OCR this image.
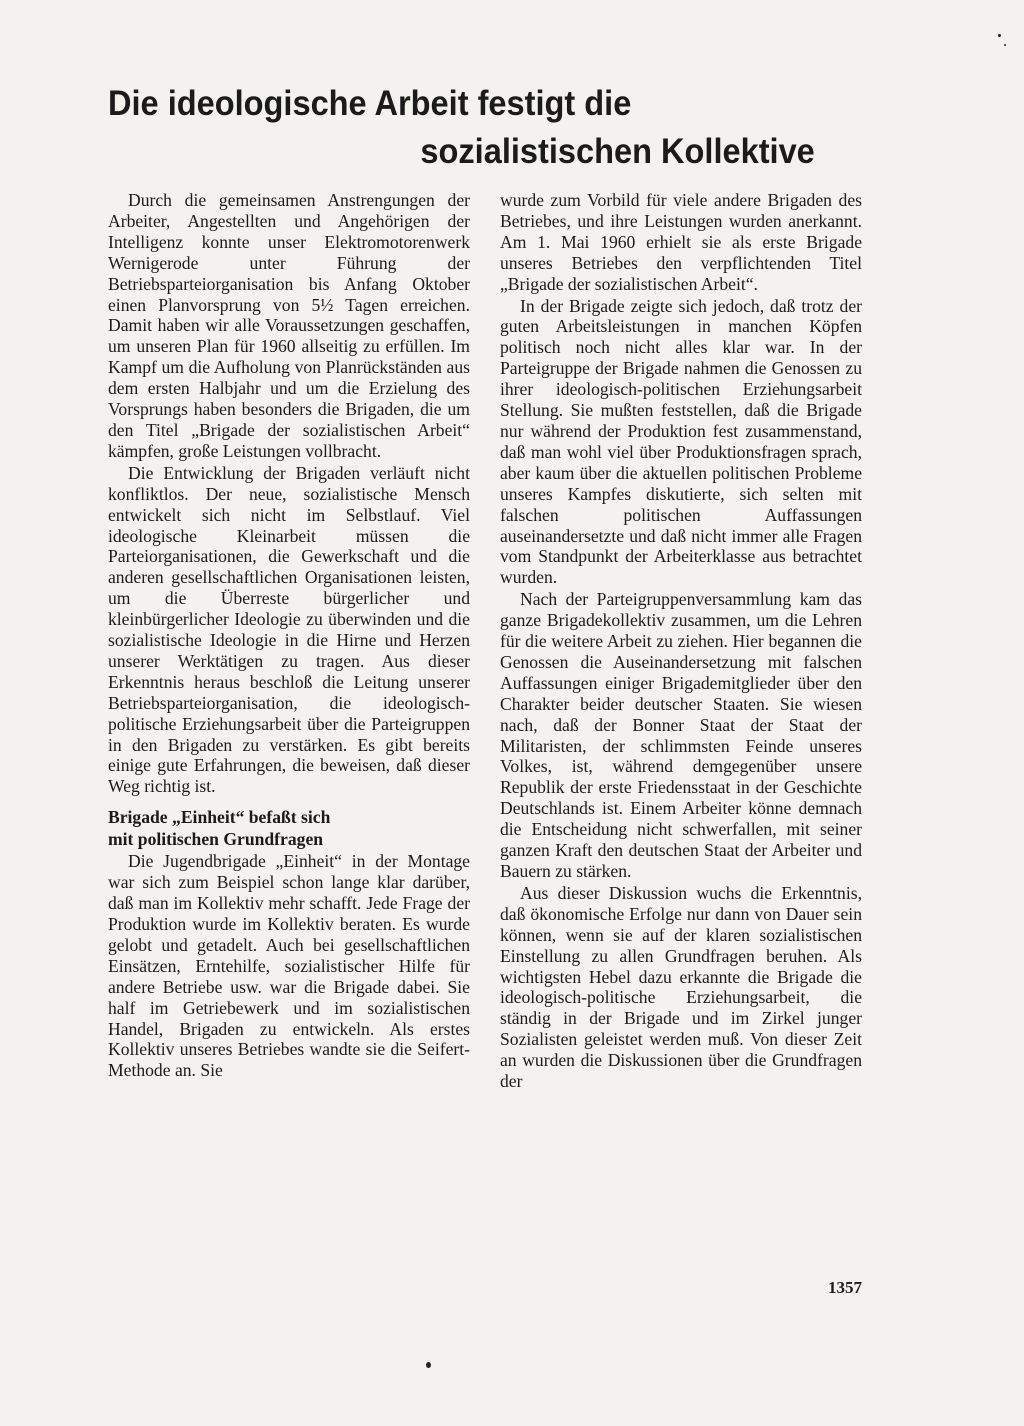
Die ideologische Arbeit festigt die
sozialistischen Kollektive

Durch die gemeinsamen Anstrengungen der Arbeiter, Angestellten und Angehörigen der Intelligenz konnte unser Elektromotorenwerk Wernigerode unter Führung der Betriebsparteiorganisation bis Anfang Oktober einen Planvorsprung von 5½ Tagen erreichen. Damit haben wir alle Voraussetzungen geschaffen, um unseren Plan für 1960 allseitig zu erfüllen. Im Kampf um die Aufholung von Planrückständen aus dem ersten Halbjahr und um die Erzielung des Vorsprungs haben besonders die Brigaden, die um den Titel „Brigade der sozialistischen Arbeit“ kämpfen, große Leistungen vollbracht.

Die Entwicklung der Brigaden verläuft nicht konfliktlos. Der neue, sozialistische Mensch entwickelt sich nicht im Selbstlauf. Viel ideologische Kleinarbeit müssen die Parteiorganisationen, die Gewerkschaft und die anderen gesellschaftlichen Organisationen leisten, um die Überreste bürgerlicher und kleinbürgerlicher Ideologie zu überwinden und die sozialistische Ideologie in die Hirne und Herzen unserer Werktätigen zu tragen. Aus dieser Erkenntnis heraus beschloß die Leitung unserer Betriebsparteiorganisation, die ideologisch-politische Erziehungsarbeit über die Parteigruppen in den Brigaden zu verstärken. Es gibt bereits einige gute Erfahrungen, die beweisen, daß dieser Weg richtig ist.

Brigade „Einheit“ befaßt sich
mit politischen Grundfragen

Die Jugendbrigade „Einheit“ in der Montage war sich zum Beispiel schon lange klar darüber, daß man im Kollektiv mehr schafft. Jede Frage der Produktion wurde im Kollektiv beraten. Es wurde gelobt und getadelt. Auch bei gesellschaftlichen Einsätzen, Erntehilfe, sozialistischer Hilfe für andere Betriebe usw. war die Brigade dabei. Sie half im Getriebewerk und im sozialistischen Handel, Brigaden zu entwickeln. Als erstes Kollektiv unseres Betriebes wandte sie die Seifert-Methode an. Sie

wurde zum Vorbild für viele andere Brigaden des Betriebes, und ihre Leistungen wurden anerkannt. Am 1. Mai 1960 erhielt sie als erste Brigade unseres Betriebes den verpflichtenden Titel „Brigade der sozialistischen Arbeit“.

In der Brigade zeigte sich jedoch, daß trotz der guten Arbeitsleistungen in manchen Köpfen politisch noch nicht alles klar war. In der Parteigruppe der Brigade nahmen die Genossen zu ihrer ideologisch-politischen Erziehungsarbeit Stellung. Sie mußten feststellen, daß die Brigade nur während der Produktion fest zusammenstand, daß man wohl viel über Produktionsfragen sprach, aber kaum über die aktuellen politischen Probleme unseres Kampfes diskutierte, sich selten mit falschen politischen Auffassungen auseinandersetzte und daß nicht immer alle Fragen vom Standpunkt der Arbeiterklasse aus betrachtet wurden.

Nach der Parteigruppenversammlung kam das ganze Brigadekollektiv zusammen, um die Lehren für die weitere Arbeit zu ziehen. Hier begannen die Genossen die Auseinandersetzung mit falschen Auffassungen einiger Brigademitglieder über den Charakter beider deutscher Staaten. Sie wiesen nach, daß der Bonner Staat der Staat der Militaristen, der schlimmsten Feinde unseres Volkes, ist, während demgegenüber unsere Republik der erste Friedensstaat in der Geschichte Deutschlands ist. Einem Arbeiter könne demnach die Entscheidung nicht schwerfallen, mit seiner ganzen Kraft den deutschen Staat der Arbeiter und Bauern zu stärken.

Aus dieser Diskussion wuchs die Erkenntnis, daß ökonomische Erfolge nur dann von Dauer sein können, wenn sie auf der klaren sozialistischen Einstellung zu allen Grundfragen beruhen. Als wichtigsten Hebel dazu erkannte die Brigade die ideologisch-politische Erziehungsarbeit, die ständig in der Brigade und im Zirkel junger Sozialisten geleistet werden muß. Von dieser Zeit an wurden die Diskussionen über die Grundfragen der

1357
